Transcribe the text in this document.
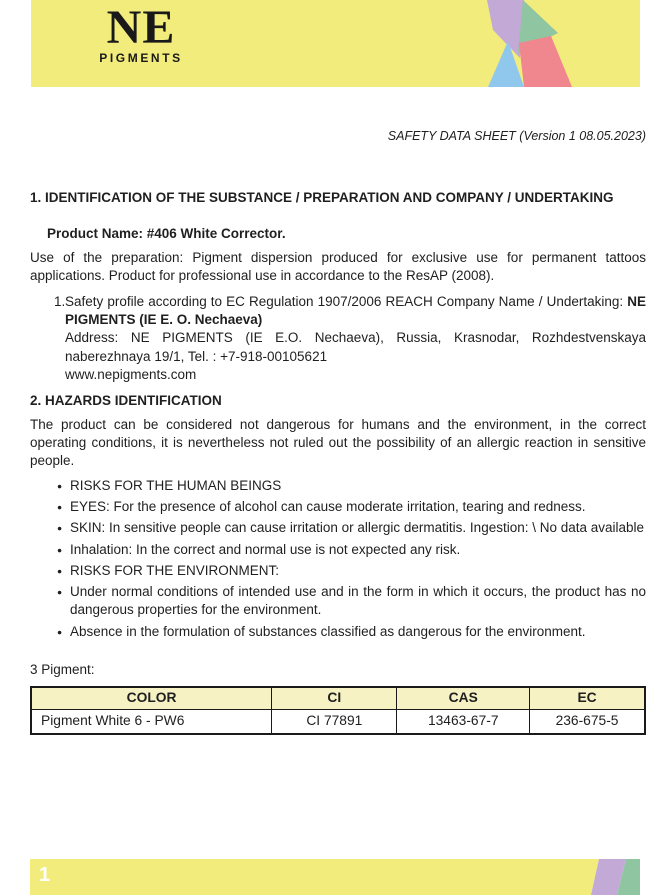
NE
PIGMENTS
SAFETY DATA SHEET (Version 1 08.05.2023)
1. IDENTIFICATION OF THE SUBSTANCE / PREPARATION AND COMPANY / UNDERTAKING
Product Name: #406 White Corrector.
Use of the preparation: Pigment dispersion produced for exclusive use for permanent tattoos applications. Product for professional use in accordance to the ResAP (2008).
1. Safety profile according to EC Regulation 1907/2006 REACH Company Name / Undertaking: NE PIGMENTS (IE E. O. Nechaeva)
Address: NE PIGMENTS (IE E.O. Nechaeva), Russia, Krasnodar, Rozhdestvenskaya naberezhnaya 19/1, Tel. : +7-918-00105621
www.nepigments.com
2. HAZARDS IDENTIFICATION
The product can be considered not dangerous for humans and the environment, in the correct operating conditions, it is nevertheless not ruled out the possibility of an allergic reaction in sensitive people.
● RISKS FOR THE HUMAN BEINGS
● EYES: For the presence of alcohol can cause moderate irritation, tearing and redness.
● SKIN: In sensitive people can cause irritation or allergic dermatitis. Ingestion: \ No data available
● Inhalation: In the correct and normal use is not expected any risk.
● RISKS FOR THE ENVIRONMENT:
● Under normal conditions of intended use and in the form in which it occurs, the product has no dangerous properties for the environment.
● Absence in the formulation of substances classified as dangerous for the environment.
3 Pigment:
COLOR	CI	CAS	EC
Pigment White 6 - PW6	CI 77891	13463-67-7	236-675-5
1
